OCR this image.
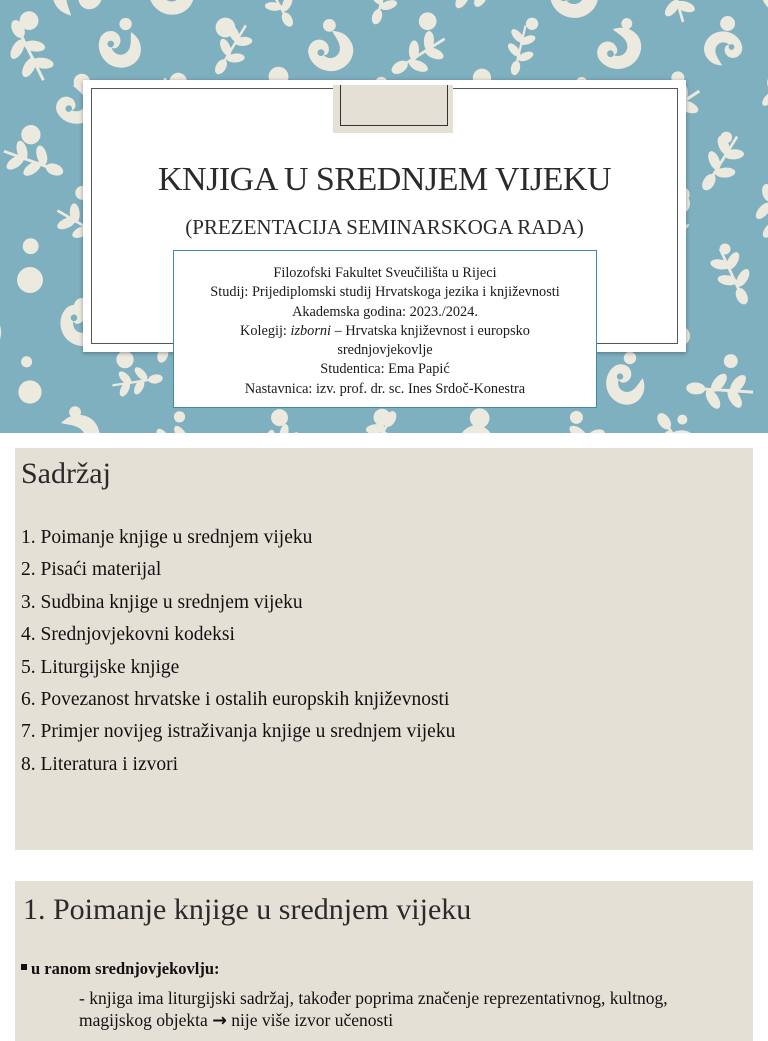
KNJIGA U SREDNJEM VIJEKU
(PREZENTACIJA SEMINARSKOGA RADA)
Filozofski Fakultet Sveučilišta u Rijeci
Studij: Prijediplomski studij Hrvatskoga jezika i književnosti
Akademska godina: 2023./2024.
Kolegij: izborni – Hrvatska književnost i europsko
srednjovjekovlje
Studentica: Ema Papić
Nastavnica: izv. prof. dr. sc. Ines Srdoč-Konestra
Sadržaj
1. Poimanje knjige u srednjem vijeku
2. Pisaći materijal
3. Sudbina knjige u srednjem vijeku
4. Srednjovjekovni kodeksi
5. Liturgijske knjige
6. Povezanost hrvatske i ostalih europskih književnosti
7. Primjer novijeg istraživanja knjige u srednjem vijeku
8. Literatura i izvori
1. Poimanje knjige u srednjem vijeku
u ranom srednjovjekovlju:
- knjiga ima liturgijski sadržaj, također poprima značenje reprezentativnog, kultnog,
magijskog objekta → nije više izvor učenosti
